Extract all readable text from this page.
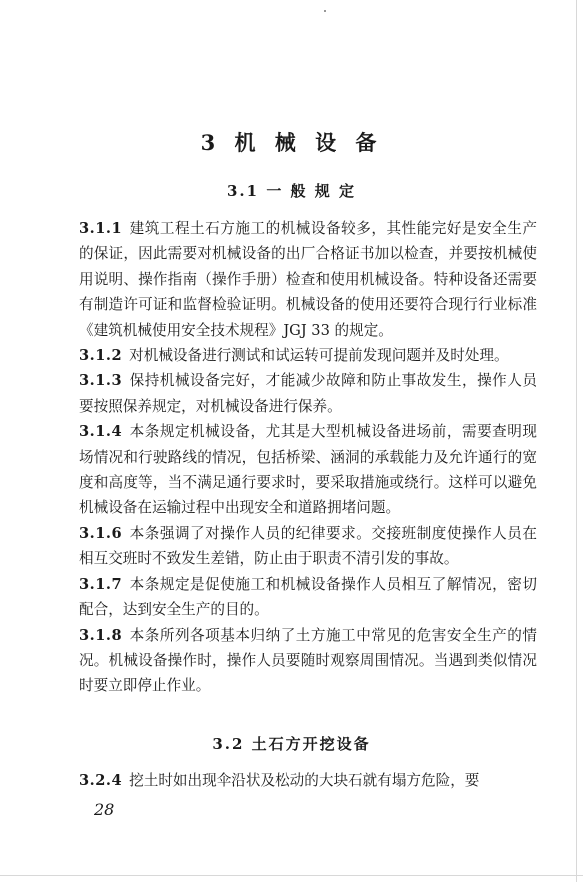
3 机 械 设 备
3.1 一 般 规 定

3.1.1 建筑工程土石方施工的机械设备较多，其性能完好是安全生产的保证，因此需要对机械设备的出厂合格证书加以检查，并要按机械使用说明、操作指南（操作手册）检查和使用机械设备。特种设备还需要有制造许可证和监督检验证明。机械设备的使用还要符合现行行业标准《建筑机械使用安全技术规程》JGJ 33 的规定。

3.1.2 对机械设备进行测试和试运转可提前发现问题并及时处理。

3.1.3 保持机械设备完好，才能减少故障和防止事故发生，操作人员要按照保养规定，对机械设备进行保养。

3.1.4 本条规定机械设备，尤其是大型机械设备进场前，需要查明现场情况和行驶路线的情况，包括桥梁、涵洞的承载能力及允许通行的宽度和高度等，当不满足通行要求时，要采取措施或绕行。这样可以避免机械设备在运输过程中出现安全和道路拥堵问题。

3.1.6 本条强调了对操作人员的纪律要求。交接班制度使操作人员在相互交班时不致发生差错，防止由于职责不清引发的事故。

3.1.7 本条规定是促使施工和机械设备操作人员相互了解情况，密切配合，达到安全生产的目的。

3.1.8 本条所列各项基本归纳了土方施工中常见的危害安全生产的情况。机械设备操作时，操作人员要随时观察周围情况。当遇到类似情况时要立即停止作业。

3.2 土石方开挖设备

3.2.4 挖土时如出现伞沿状及松动的大块石就有塌方危险，要

28
